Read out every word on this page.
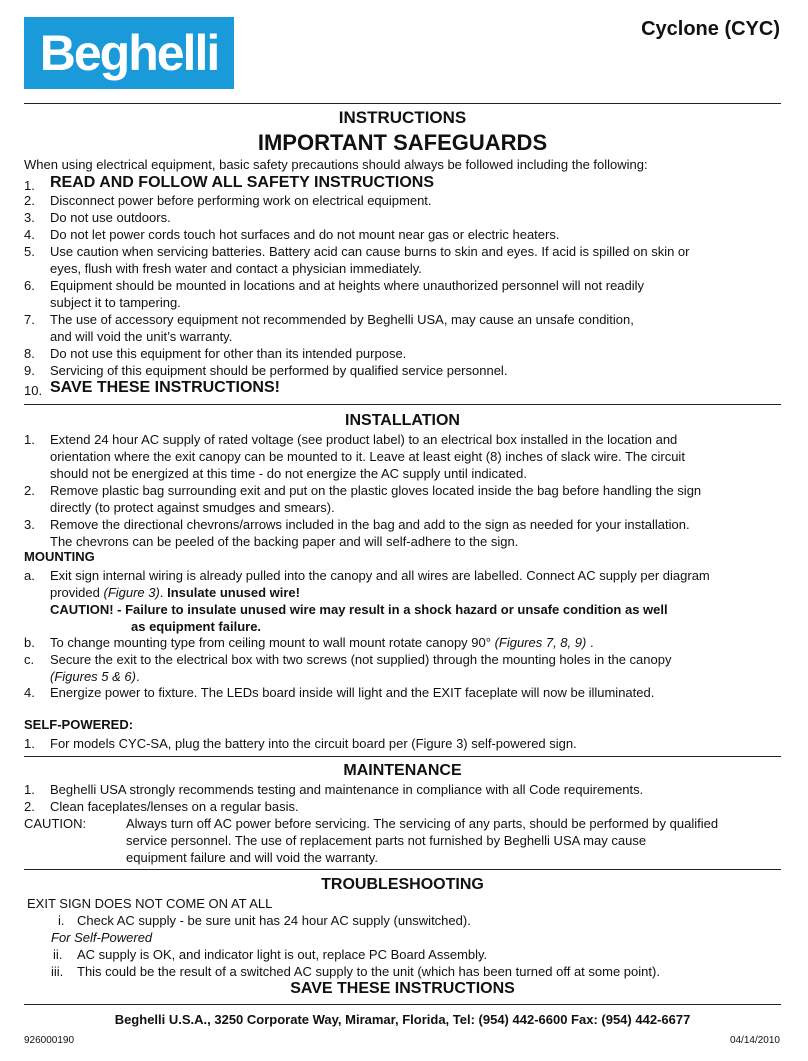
Beghelli	Cyclone (CYC)
INSTRUCTIONS
IMPORTANT SAFEGUARDS
When using electrical equipment, basic safety precautions should always be followed including the following:
1. READ AND FOLLOW ALL SAFETY INSTRUCTIONS
2. Disconnect power before performing work on electrical equipment.
3. Do not use outdoors.
4. Do not let power cords touch hot surfaces and do not mount near gas or electric heaters.
5. Use caution when servicing batteries. Battery acid can cause burns to skin and eyes. If acid is spilled on skin or
eyes, flush with fresh water and contact a physician immediately.
6. Equipment should be mounted in locations and at heights where unauthorized personnel will not readily
subject it to tampering.
7. The use of accessory equipment not recommended by Beghelli USA, may cause an unsafe condition,
and will void the unit’s warranty.
8. Do not use this equipment for other than its intended purpose.
9. Servicing of this equipment should be performed by qualified service personnel.
10. SAVE THESE INSTRUCTIONS!
INSTALLATION
1. Extend 24 hour AC supply of rated voltage (see product label) to an electrical box installed in the location and
orientation where the exit canopy can be mounted to it. Leave at least eight (8) inches of slack wire. The circuit
should not be energized at this time - do not energize the AC supply until indicated.
2. Remove plastic bag surrounding exit and put on the plastic gloves located inside the bag before handling the sign
directly (to protect against smudges and smears).
3. Remove the directional chevrons/arrows included in the bag and add to the sign as needed for your installation.
The chevrons can be peeled of the backing paper and will self-adhere to the sign.
MOUNTING
a. Exit sign internal wiring is already pulled into the canopy and all wires are labelled. Connect AC supply per diagram
provided (Figure 3). Insulate unused wire!
CAUTION! - Failure to insulate unused wire may result in a shock hazard or unsafe condition as well
as equipment failure.
b. To change mounting type from ceiling mount to wall mount rotate canopy 90° (Figures 7, 8, 9) .
c. Secure the exit to the electrical box with two screws (not supplied) through the mounting holes in the canopy
(Figures 5 & 6).
4. Energize power to fixture. The LEDs board inside will light and the EXIT faceplate will now be illuminated.
SELF-POWERED:
1. For models CYC-SA, plug the battery into the circuit board per (Figure 3) self-powered sign.
MAINTENANCE
1. Beghelli USA strongly recommends testing and maintenance in compliance with all Code requirements.
2. Clean faceplates/lenses on a regular basis.
CAUTION:	Always turn off AC power before servicing. The servicing of any parts, should be performed by qualified
service personnel. The use of replacement parts not furnished by Beghelli USA may cause
equipment failure and will void the warranty.
TROUBLESHOOTING
EXIT SIGN DOES NOT COME ON AT ALL
i. Check AC supply - be sure unit has 24 hour AC supply (unswitched).
For Self-Powered
ii. AC supply is OK, and indicator light is out, replace PC Board Assembly.
iii. This could be the result of a switched AC supply to the unit (which has been turned off at some point).
SAVE THESE INSTRUCTIONS
Beghelli U.S.A., 3250 Corporate Way, Miramar, Florida, Tel: (954) 442-6600 Fax: (954) 442-6677
926000190	04/14/2010
